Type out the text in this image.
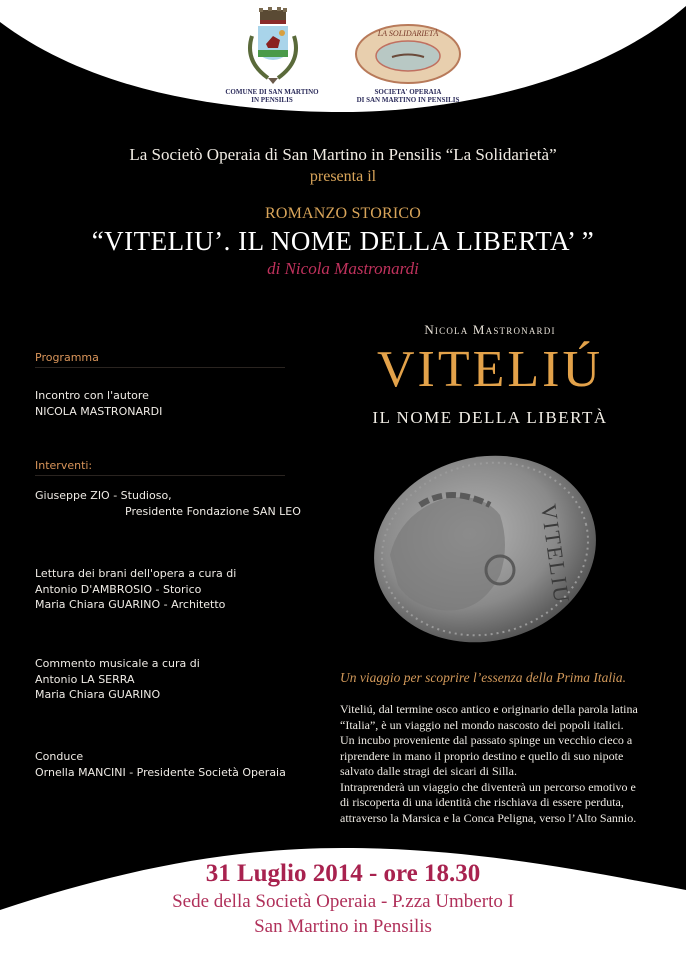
COMUNE DI SAN MARTINO
IN PENSILIS
LA SOLIDARIETÀ
SOCIETA' OPERAIA
DI SAN MARTINO IN PENSILIS
La Societò Operaia di San Martino in Pensilis “La Solidarietà”
presenta il
ROMANZO STORICO
“VITELIU’. IL NOME DELLA LIBERTA’ ”
di Nicola Mastronardi
Programma
Incontro con l'autore
NICOLA MASTRONARDI
Interventi:
Giuseppe ZIO - Studioso,
Presidente Fondazione SAN LEO
Lettura dei brani dell'opera a cura di
Antonio D'AMBROSIO - Storico
Maria Chiara GUARINO - Architetto
Commento musicale a cura di
Antonio LA SERRA
Maria Chiara GUARINO
Conduce
Ornella MANCINI - Presidente Società Operaia
Nicola Mastronardi
VITELIÚ
IL NOME DELLA LIBERTÀ
VITELIU
Un viaggio per scoprire l’essenza della Prima Italia.
Viteliú, dal termine osco antico e originario della parola latina
“Italia”, è un viaggio nel mondo nascosto dei popoli italici.
Un incubo proveniente dal passato spinge un vecchio cieco a
riprendere in mano il proprio destino e quello di suo nipote
salvato dalle stragi dei sicari di Silla.
Intraprenderà un viaggio che diventerà un percorso emotivo e
di riscoperta di una identità che rischiava di essere perduta,
attraverso la Marsica e la Conca Peligna, verso l’Alto Sannio.
31 Luglio 2014 - ore 18.30
Sede della Società Operaia - P.zza Umberto I
San Martino in Pensilis
